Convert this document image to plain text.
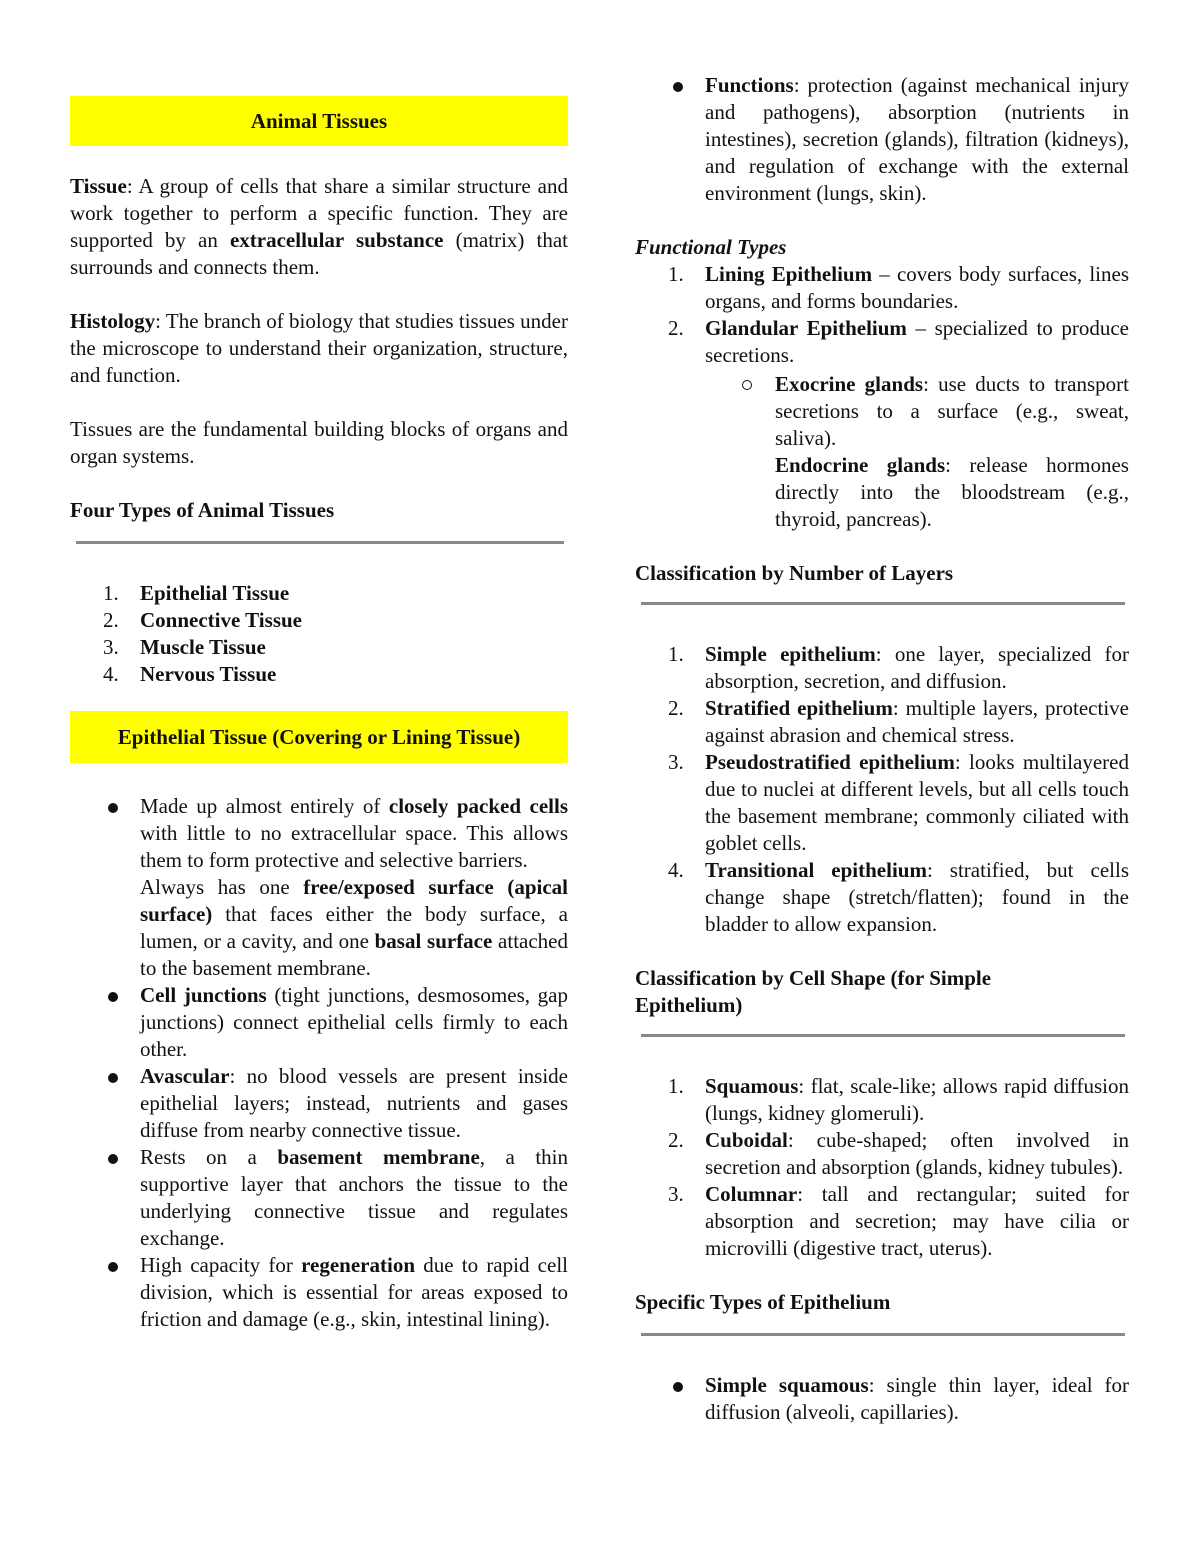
Animal Tissues

Tissue: A group of cells that share a similar structure and work together to perform a specific function. They are supported by an extracellular substance (matrix) that surrounds and connects them.

Histology: The branch of biology that studies tissues under the microscope to understand their organization, structure, and function.

Tissues are the fundamental building blocks of organs and organ systems.

Four Types of Animal Tissues

1. Epithelial Tissue
2. Connective Tissue
3. Muscle Tissue
4. Nervous Tissue
Epithelial Tissue (Covering or Lining Tissue)
Made up almost entirely of closely packed cells with little to no extracellular space. This allows them to form protective and selective barriers.
Always has one free/exposed surface (apical surface) that faces either the body surface, a lumen, or a cavity, and one basal surface attached to the basement membrane.
Cell junctions (tight junctions, desmosomes, gap junctions) connect epithelial cells firmly to each other.
Avascular: no blood vessels are present inside epithelial layers; instead, nutrients and gases diffuse from nearby connective tissue.
Rests on a basement membrane, a thin supportive layer that anchors the tissue to the underlying connective tissue and regulates exchange.
High capacity for regeneration due to rapid cell division, which is essential for areas exposed to friction and damage (e.g., skin, intestinal lining).
Functions: protection (against mechanical injury and pathogens), absorption (nutrients in intestines), secretion (glands), filtration (kidneys), and regulation of exchange with the external environment (lungs, skin).

Functional Types

1. Lining Epithelium – covers body surfaces, lines organs, and forms boundaries.
2. Glandular Epithelium – specialized to produce secretions.
Exocrine glands: use ducts to transport secretions to a surface (e.g., sweat, saliva).
Endocrine glands: release hormones directly into the bloodstream (e.g., thyroid, pancreas).

Classification by Number of Layers

1. Simple epithelium: one layer, specialized for absorption, secretion, and diffusion.
2. Stratified epithelium: multiple layers, protective against abrasion and chemical stress.
3. Pseudostratified epithelium: looks multilayered due to nuclei at different levels, but all cells touch the basement membrane; commonly ciliated with goblet cells.
4. Transitional epithelium: stratified, but cells change shape (stretch/flatten); found in the bladder to allow expansion.

Classification by Cell Shape (for Simple Epithelium)

1. Squamous: flat, scale-like; allows rapid diffusion (lungs, kidney glomeruli).
2. Cuboidal: cube-shaped; often involved in secretion and absorption (glands, kidney tubules).
3. Columnar: tall and rectangular; suited for absorption and secretion; may have cilia or microvilli (digestive tract, uterus).

Specific Types of Epithelium

Simple squamous: single thin layer, ideal for diffusion (alveoli, capillaries).
